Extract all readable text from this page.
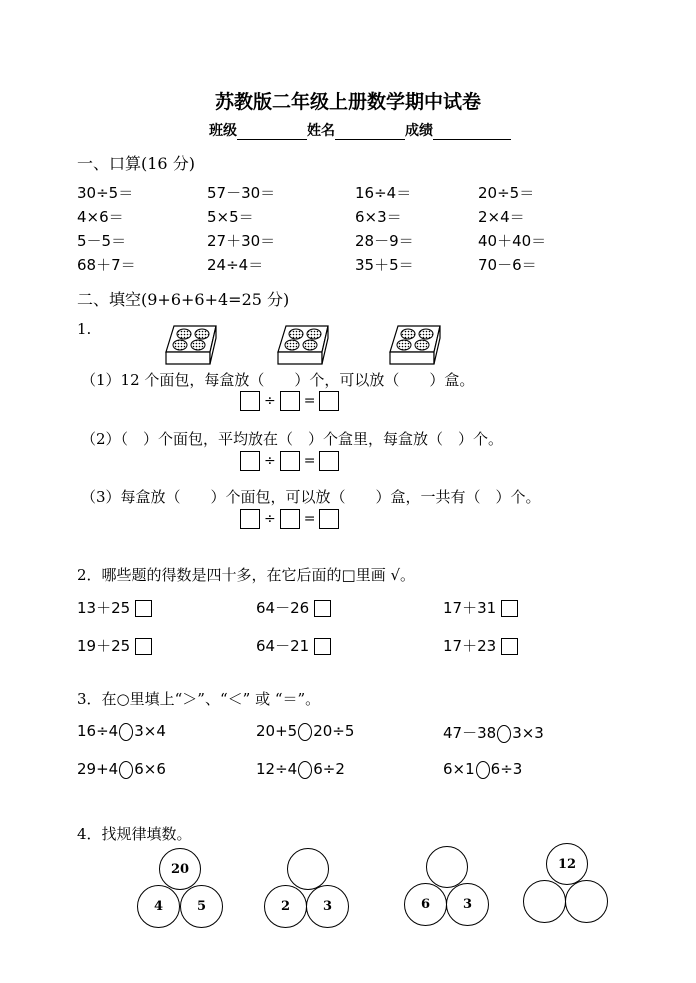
苏教版二年级上册数学期中试卷
班级	姓名	成绩
一、口算(16 分)
30÷5＝	57－30＝	16÷4＝	20÷5＝
4×6＝	5×5＝	6×3＝	2×4＝
5－5＝	27＋30＝	28－9＝	40＋40＝
68＋7＝	24÷4＝	35＋5＝	70－6＝
二、填空(9+6+6+4=25 分)
1.
（1）12 个面包，每盒放（　　）个，可以放（　　）盒。
÷ =
（2）（　）个面包，平均放在（　）个盒里，每盒放（　）个。
÷ =
（3）每盒放（　　）个面包，可以放（　　）盒，一共有（　）个。
÷ =
2．哪些题的得数是四十多，在它后面的□里画 √。
13＋25	64－26	17＋31
19＋25	64－21	17＋23
3．在○里填上“＞”、“＜” 或 “＝”。
16÷4 3×4	20+5 20÷5	47－38 3×3
29+4 6×6	12÷4 6÷2	6×1 6÷3
4．找规律填数。
20
4	5	2	3	6	3
12
